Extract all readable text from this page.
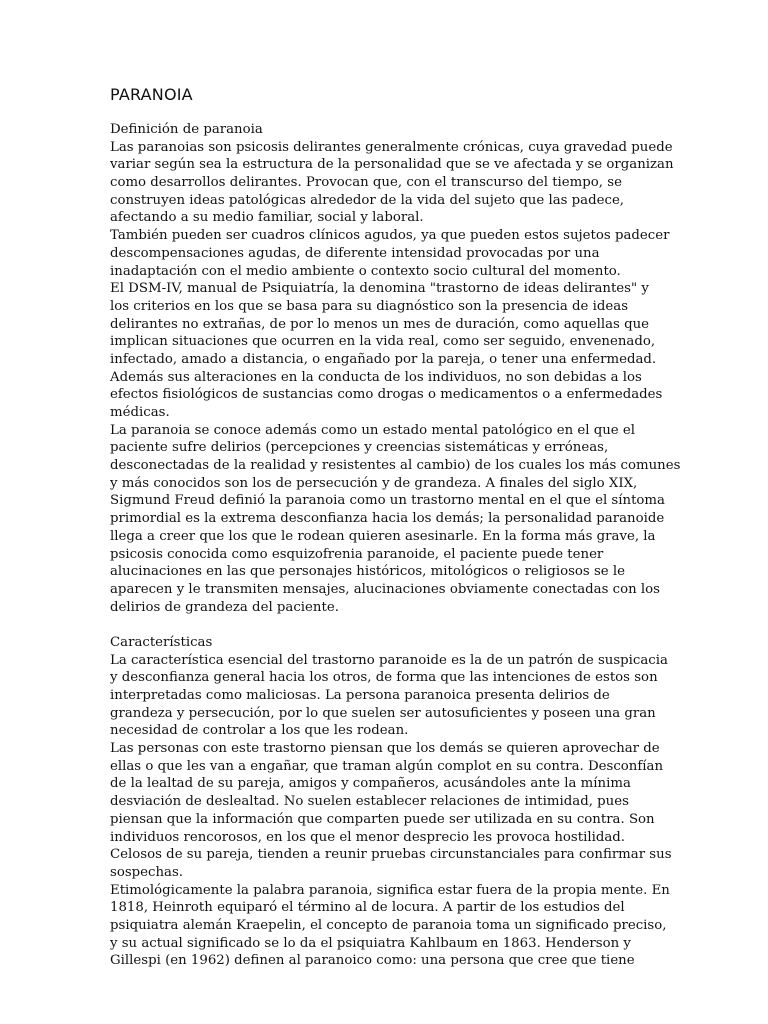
PARANOIA
Definición de paranoia
Las paranoias son psicosis delirantes generalmente crónicas, cuya gravedad puede
variar según sea la estructura de la personalidad que se ve afectada y se organizan
como desarrollos delirantes. Provocan que, con el transcurso del tiempo, se
construyen ideas patológicas alrededor de la vida del sujeto que las padece,
afectando a su medio familiar, social y laboral.
También pueden ser cuadros clínicos agudos, ya que pueden estos sujetos padecer
descompensaciones agudas, de diferente intensidad provocadas por una
inadaptación con el medio ambiente o contexto socio cultural del momento.
El DSM-IV, manual de Psiquiatría, la denomina "trastorno de ideas delirantes" y
los criterios en los que se basa para su diagnóstico son la presencia de ideas
delirantes no extrañas, de por lo menos un mes de duración, como aquellas que
implican situaciones que ocurren en la vida real, como ser seguido, envenenado,
infectado, amado a distancia, o engañado por la pareja, o tener una enfermedad.
Además sus alteraciones en la conducta de los individuos, no son debidas a los
efectos fisiológicos de sustancias como drogas o medicamentos o a enfermedades
médicas.
La paranoia se conoce además como un estado mental patológico en el que el
paciente sufre delirios (percepciones y creencias sistemáticas y erróneas,
desconectadas de la realidad y resistentes al cambio) de los cuales los más comunes
y más conocidos son los de persecución y de grandeza. A finales del siglo XIX,
Sigmund Freud definió la paranoia como un trastorno mental en el que el síntoma
primordial es la extrema desconfianza hacia los demás; la personalidad paranoide
llega a creer que los que le rodean quieren asesinarle. En la forma más grave, la
psicosis conocida como esquizofrenia paranoide, el paciente puede tener
alucinaciones en las que personajes históricos, mitológicos o religiosos se le
aparecen y le transmiten mensajes, alucinaciones obviamente conectadas con los
delirios de grandeza del paciente.
Características
La característica esencial del trastorno paranoide es la de un patrón de suspicacia
y desconfianza general hacia los otros, de forma que las intenciones de estos son
interpretadas como maliciosas. La persona paranoica presenta delirios de
grandeza y persecución, por lo que suelen ser autosuficientes y poseen una gran
necesidad de controlar a los que les rodean.
Las personas con este trastorno piensan que los demás se quieren aprovechar de
ellas o que les van a engañar, que traman algún complot en su contra. Desconfían
de la lealtad de su pareja, amigos y compañeros, acusándoles ante la mínima
desviación de deslealtad. No suelen establecer relaciones de intimidad, pues
piensan que la información que comparten puede ser utilizada en su contra. Son
individuos rencorosos, en los que el menor desprecio les provoca hostilidad.
Celosos de su pareja, tienden a reunir pruebas circunstanciales para confirmar sus
sospechas.
Etimológicamente la palabra paranoia, significa estar fuera de la propia mente. En
1818, Heinroth equiparó el término al de locura. A partir de los estudios del
psiquiatra alemán Kraepelin, el concepto de paranoia toma un significado preciso,
y su actual significado se lo da el psiquiatra Kahlbaum en 1863. Henderson y
Gillespi (en 1962) definen al paranoico como: una persona que cree que tiene
